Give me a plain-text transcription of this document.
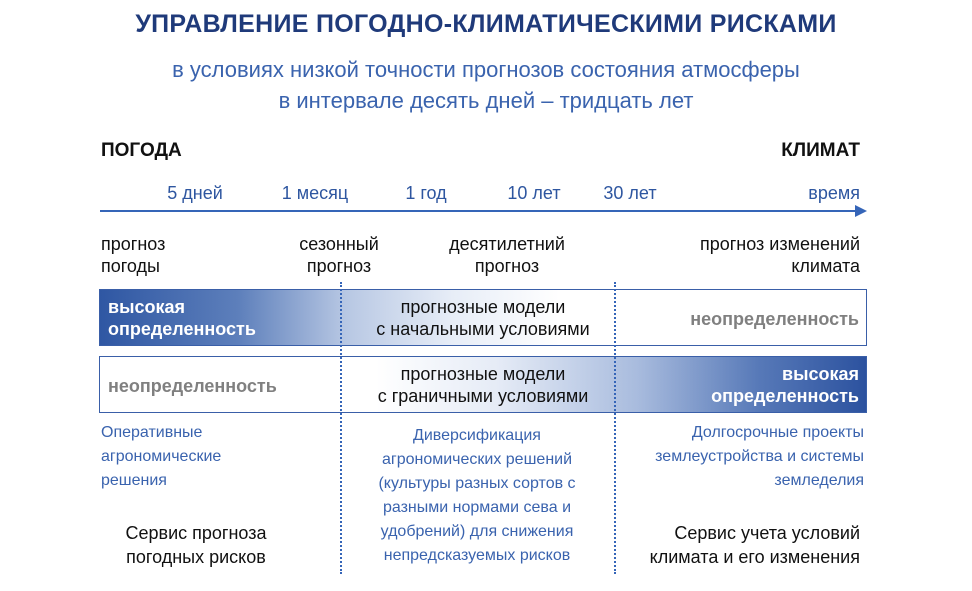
УПРАВЛЕНИЕ ПОГОДНО-КЛИМАТИЧЕСКИМИ РИСКАМИ
в условиях низкой точности прогнозов состояния атмосферы
в интервале десять дней – тридцать лет
ПОГОДА	КЛИМАТ
5 дней	1 месяц	1 год	10 лет 30 лет	время
прогноз
погоды
сезонный
прогноз
десятилетний
прогноз
прогноз изменений
климата
высокая
определенность
прогнозные модели
с начальными условиями	неопределенность
неопределенность
прогнозные модели
с граничными условиями
высокая
определенность
Оперативные
агрономические
решения
Диверсификация
агрономических решений
(культуры разных сортов с
разными нормами сева и
удобрений) для снижения
непредсказуемых рисков
Долгосрочные проекты
землеустройства и системы
земледелия
Сервис прогноза
погодных рисков
Сервис учета условий
климата и его изменения
